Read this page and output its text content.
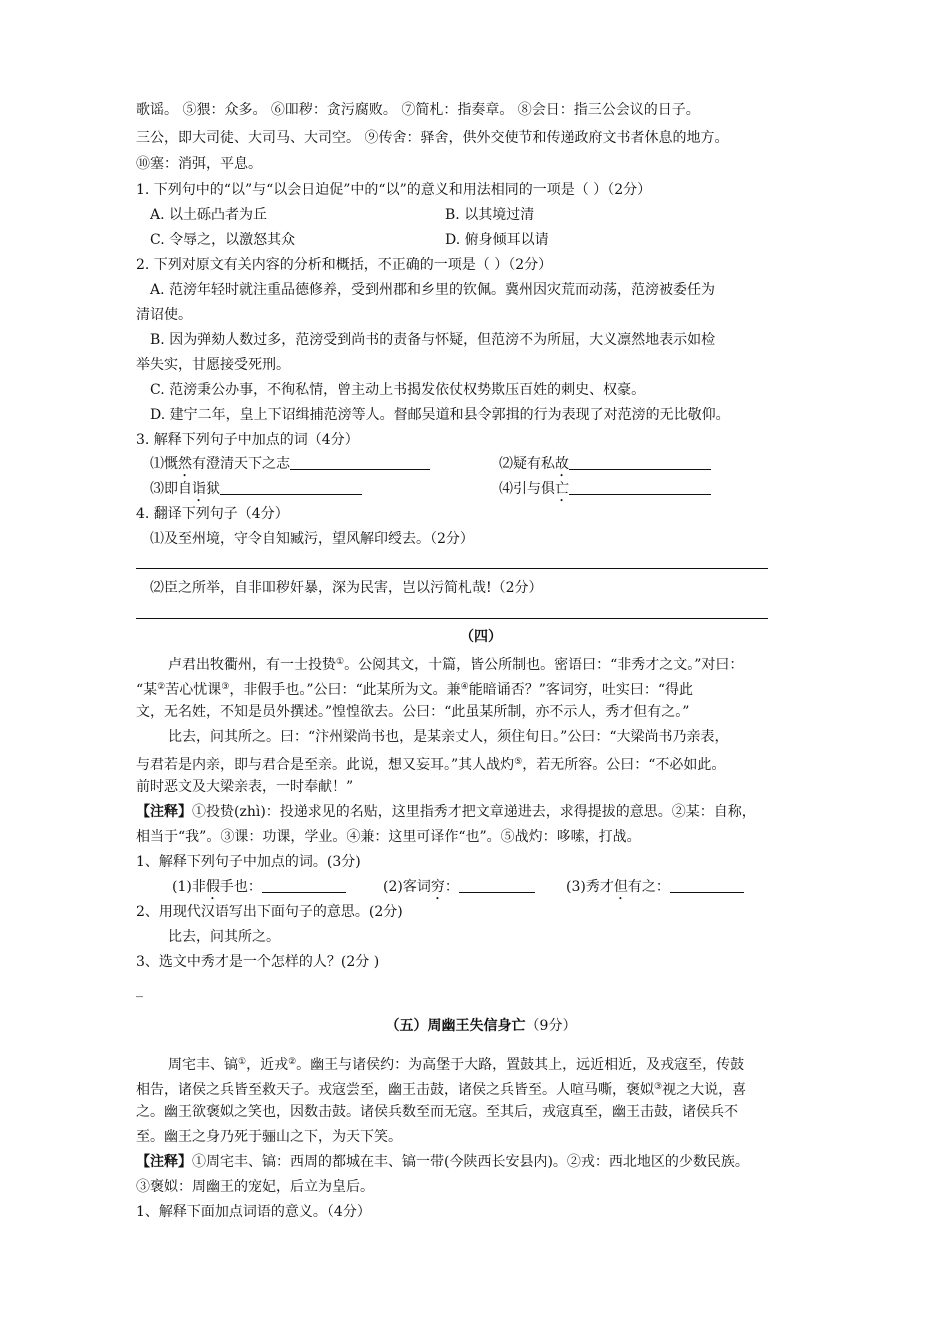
歌谣。 ⑤猥：众多。 ⑥吅秽：贪污腐败。 ⑦简札：指奏章。 ⑧会日：指三公会议的日子。
三公，即大司徒、大司马、大司空。 ⑨传舍：驿舍，供外交使节和传递政府文书者休息的地方。
⑩塞：消弭，平息。
1. 下列句中的“以”与“以会日迫促”中的“以”的意义和用法相同的一项是（ ）（2分）
A. 以土砾凸者为丘	B. 以其境过清
C. 令辱之，以激怒其众	D. 俯身倾耳以请
2. 下列对原文有关内容的分析和概括，不正确的一项是（ ）（2分）
A. 范滂年轻时就注重品德修养，受到州郡和乡里的钦佩。冀州因灾荒而动荡，范滂被委任为
清诏使。
B. 因为弹劾人数过多，范滂受到尚书的责备与怀疑，但范滂不为所屈，大义凛然地表示如检
举失实，甘愿接受死刑。
C. 范滂秉公办事，不徇私情，曾主动上书揭发依仗权势欺压百姓的刺史、权豪。
D. 建宁二年，皇上下诏缉捕范滂等人。督邮吴道和县令郭揖的行为表现了对范滂的无比敬仰。
3. 解释下列句子中加点的词（4分）
⑴慨然有澄清天下之志	⑵疑有私故
⑶即自诣狱	⑷引与俱亡
4. 翻译下列句子（4分）
⑴及至州境，守令自知臧污，望风解印绶去。（2分）
⑵臣之所举，自非吅秽奸暴，深为民害，岂以污简札哉!（2分）
（四）
卢君出牧衢州，有一士投贽①。公阅其文，十篇，皆公所制也。密语曰：“非秀才之文。”对曰：
“某②苦心忧课③，非假手也。”公曰：“此某所为文。兼④能暗诵否？”客词穷，吐实曰：“得此
文，无名姓，不知是员外撰述。”惶惶欲去。公曰：“此虽某所制，亦不示人，秀才但有之。”
比去，问其所之。曰：“汴州梁尚书也，是某亲丈人，须住旬日。”公曰：“大梁尚书乃亲表，
与君若是内亲，即与君合是至亲。此说，想又妄耳。”其人战灼⑤，若无所容。公曰：“不必如此。
前时恶文及大梁亲表，一时奉献！”
【注释】①投贽(zhì)：投递求见的名贴，这里指秀才把文章递进去，求得提拔的意思。②某：自称，
相当于“我”。③课：功课，学业。④兼：这里可译作“也”。⑤战灼：哆嗦，打战。
1、解释下列句子中加点的词。(3分)
(1)非假手也：	(2)客词穷：	(3)秀才但有之：
2、用现代汉语写出下面句子的意思。(2分)
比去，问其所之。
3、选文中秀才是一个怎样的人？(2分 )
_
（五）周幽王失信身亡（9分）
周宅丰、镐①，近戎②。幽王与诸侯约：为高堡于大路，置鼓其上，远近相近，及戎寇至，传鼓
相告，诸侯之兵皆至救天子。戎寇尝至，幽王击鼓，诸侯之兵皆至。人喧马嘶，褒姒③视之大说，喜
之。幽王欲褒姒之笑也，因数击鼓。诸侯兵数至而无寇。至其后，戎寇真至，幽王击鼓，诸侯兵不
至。幽王之身乃死于骊山之下，为天下笑。
【注释】①周宅丰、镐：西周的都城在丰、镐一带(今陕西长安县内)。②戎：西北地区的少数民族。
③褒姒：周幽王的宠妃，后立为皇后。
1、解释下面加点词语的意义。（4分）
